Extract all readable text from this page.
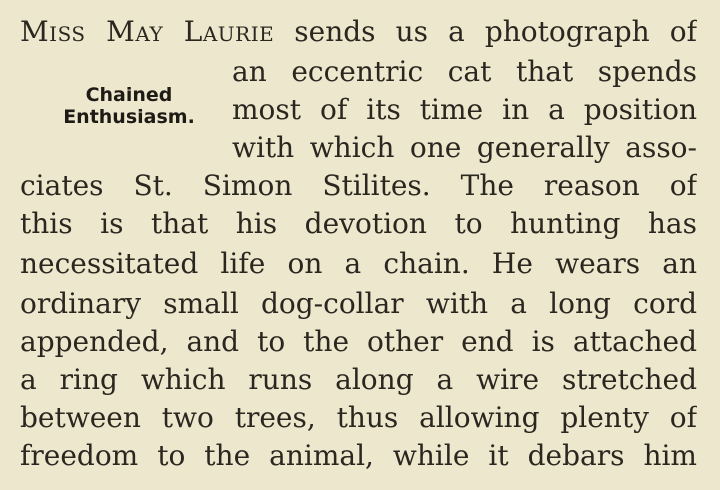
Chained
Enthusiasm.
Miss May Laurie sends us a photograph of
an eccentric cat that spends
most of its time in a position
with which one generally asso-
ciates St. Simon Stilites. The reason of
this is that his devotion to hunting has
necessitated life on a chain. He wears an
ordinary small dog-collar with a long cord
appended, and to the other end is attached
a ring which runs along a wire stretched
between two trees, thus allowing plenty of
freedom to the animal, while it debars him
